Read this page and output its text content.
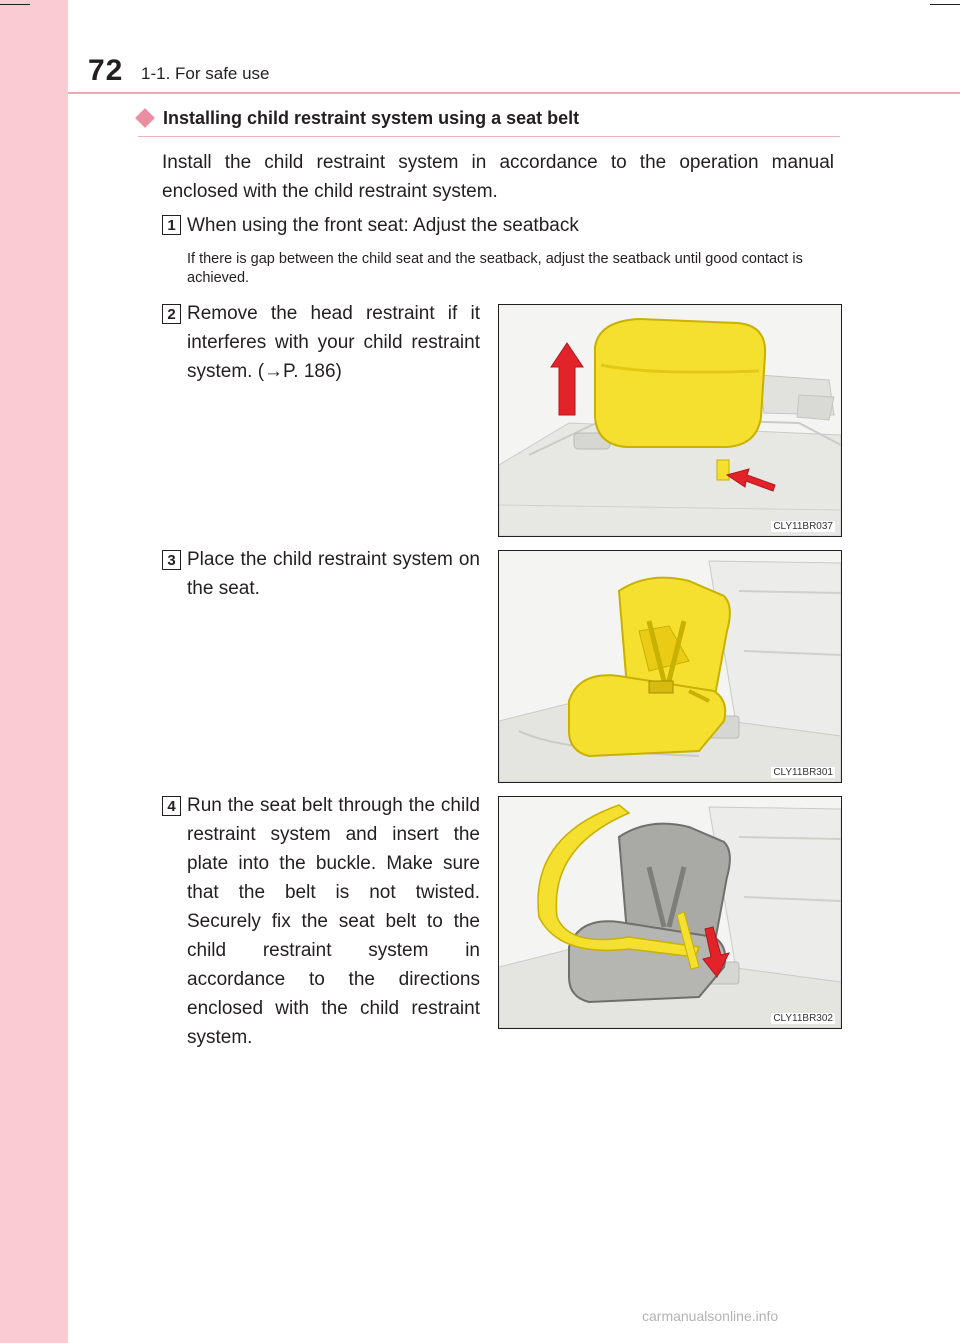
72 1-1. For safe use
Installing child restraint system using a seat belt
Install the child restraint system in accordance to the operation manual enclosed with the child restraint system.
1 When using the front seat: Adjust the seatback
If there is gap between the child seat and the seatback, adjust the seatback until good contact is achieved.
2 Remove the head restraint if it interferes with your child restraint system. (→P. 186)
CLY11BR037
3 Place the child restraint system on the seat.
CLY11BR301
4 Run the seat belt through the child restraint system and insert the plate into the buckle. Make sure that the belt is not twisted. Securely fix the seat belt to the child restraint system in accordance to the directions enclosed with the child restraint system.
CLY11BR302
carmanualsonline.info
